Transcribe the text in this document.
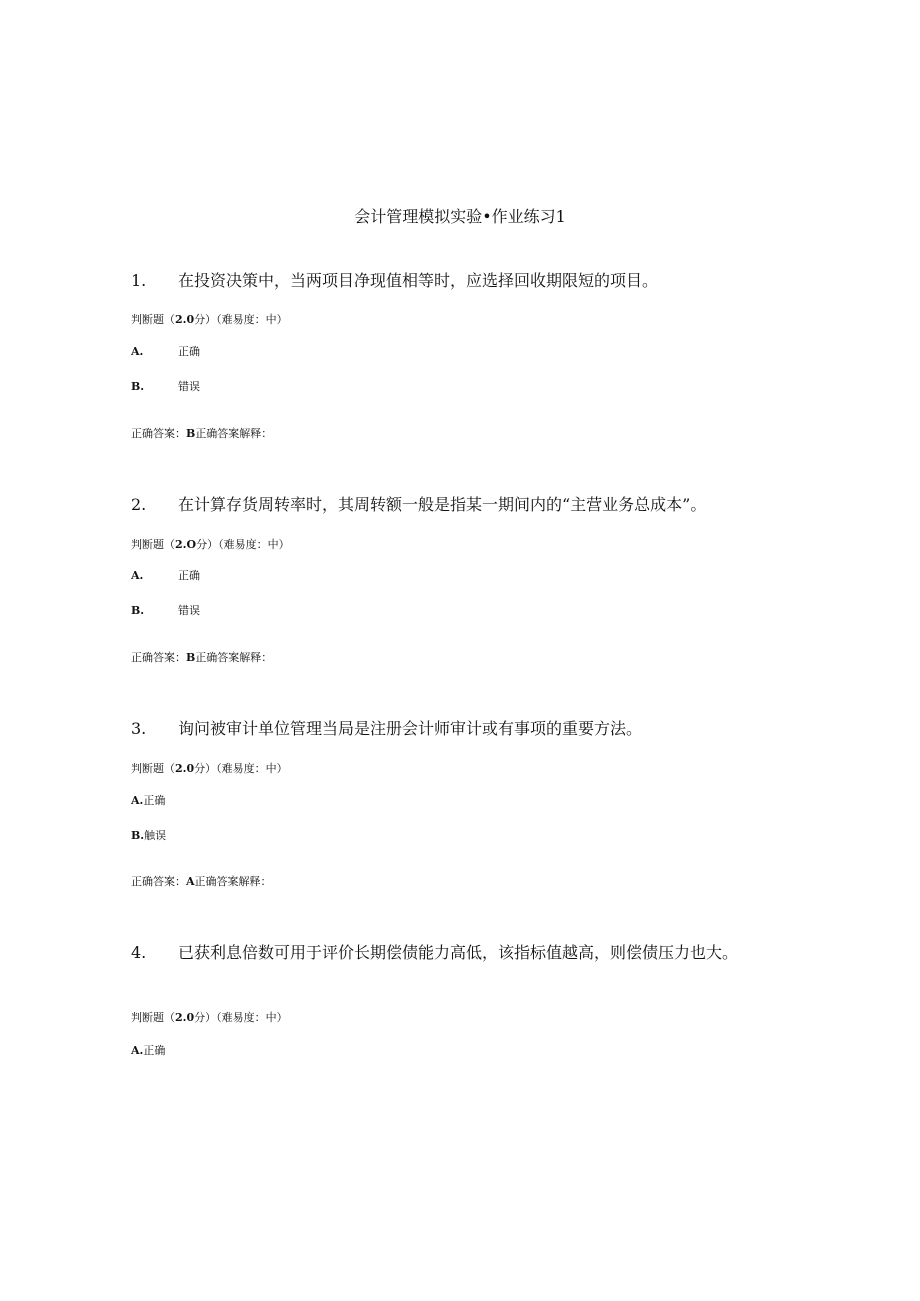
会计管理模拟实验•作业练习1
1. 在投资决策中，当两项目净现值相等时，应选择回收期限短的项目。
判断题（2.0分）（难易度：中）
A.	正确
B.	错误
正确答案：B正确答案解释：
2. 在计算存货周转率时，其周转额一般是指某一期间内的“主营业务总成本”。
判断题（2.O分）（难易度：中）
A.	正确
B.	错误
正确答案：B正确答案解释：
3. 询问被审计单位管理当局是注册会计师审计或有事项的重要方法。
判断题（2.0分）（难易度：中）
A.正确
B.触误
正确答案：A正确答案解释：
4. 已获利息倍数可用于评价长期偿债能力高低，该指标值越高，则偿债压力也大。
判断题（2.0分）（难易度：中）
A.正确
